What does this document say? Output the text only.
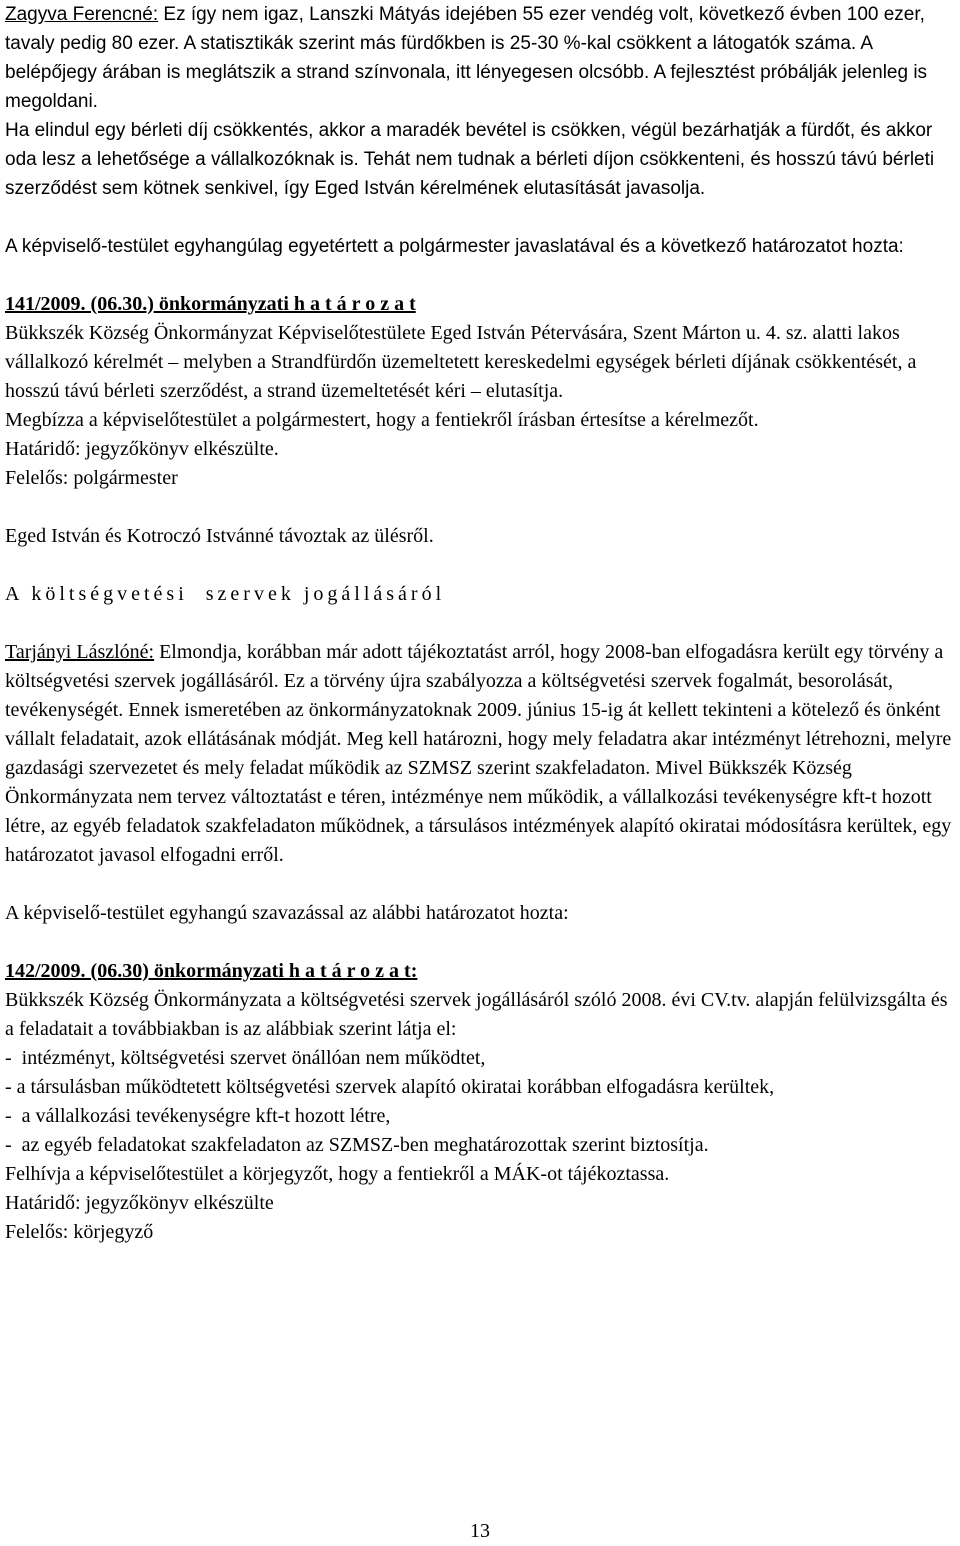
Zagyva Ferencné: Ez így nem igaz, Lanszki Mátyás idejében 55 ezer vendég volt, következő évben 100 ezer, tavaly pedig 80 ezer. A statisztikák szerint más fürdőkben is 25-30 %-kal csökkent a látogatók száma. A belépőjegy árában is meglátszik a strand színvonala, itt lényegesen olcsóbb. A fejlesztést próbálják jelenleg is megoldani.

Ha elindul egy bérleti díj csökkentés, akkor a maradék bevétel is csökken, végül bezárhatják a fürdőt, és akkor oda lesz a lehetősége a vállalkozóknak is. Tehát nem tudnak a bérleti díjon csökkenteni, és hosszú távú bérleti szerződést sem kötnek senkivel, így Eged István kérelmének elutasítását javasolja.

A képviselő-testület egyhangúlag egyetértett a polgármester javaslatával és a következő határozatot hozta:

141/2009. (06.30.) önkormányzati h a t á r o z a t

Bükkszék Község Önkormányzat Képviselőtestülete Eged István Pétervására, Szent Márton u. 4. sz. alatti lakos vállalkozó kérelmét – melyben a Strandfürdőn üzemeltetett kereskedelmi egységek bérleti díjának csökkentését, a hosszú távú bérleti szerződést, a strand üzemeltetését kéri – elutasítja.

Megbízza a képviselőtestület a polgármestert, hogy a fentiekről írásban értesítse a kérelmezőt.

Határidő: jegyzőkönyv elkészülte.

Felelős: polgármester

Eged István és Kotroczó Istvánné távoztak az ülésről.

A költségvetési  szervek jogállásáról

Tarjányi Lászlóné: Elmondja, korábban már adott tájékoztatást arról, hogy 2008-ban elfogadásra került egy törvény a költségvetési szervek jogállásáról. Ez a törvény újra szabályozza a költségvetési szervek fogalmát, besorolását, tevékenységét. Ennek ismeretében az önkormányzatoknak 2009. június 15-ig át kellett tekinteni a kötelező és önként vállalt feladatait, azok ellátásának módját. Meg kell határozni, hogy mely feladatra akar intézményt létrehozni, melyre gazdasági szervezetet és mely feladat működik az SZMSZ szerint szakfeladaton. Mivel Bükkszék Község Önkormányzata nem tervez változtatást e téren, intézménye nem működik, a vállalkozási tevékenységre kft-t hozott létre, az egyéb feladatok szakfeladaton működnek, a társulásos intézmények alapító okiratai módosításra kerültek, egy határozatot javasol elfogadni erről.

A képviselő-testület egyhangú szavazással az alábbi határozatot hozta:

142/2009. (06.30) önkormányzati h a t á r o z a t:

Bükkszék Község Önkormányzata a költségvetési szervek jogállásáról szóló 2008. évi CV.tv. alapján felülvizsgálta és a feladatait a továbbiakban is az alábbiak szerint látja el:

-  intézményt, költségvetési szervet önállóan nem működtet,

- a társulásban működtetett költségvetési szervek alapító okiratai korábban elfogadásra kerültek,

-  a vállalkozási tevékenységre kft-t hozott létre,

-  az egyéb feladatokat szakfeladaton az SZMSZ-ben meghatározottak szerint biztosítja.

Felhívja a képviselőtestület a körjegyzőt, hogy a fentiekről a MÁK-ot tájékoztassa.

Határidő: jegyzőkönyv elkészülte

Felelős: körjegyző

13
